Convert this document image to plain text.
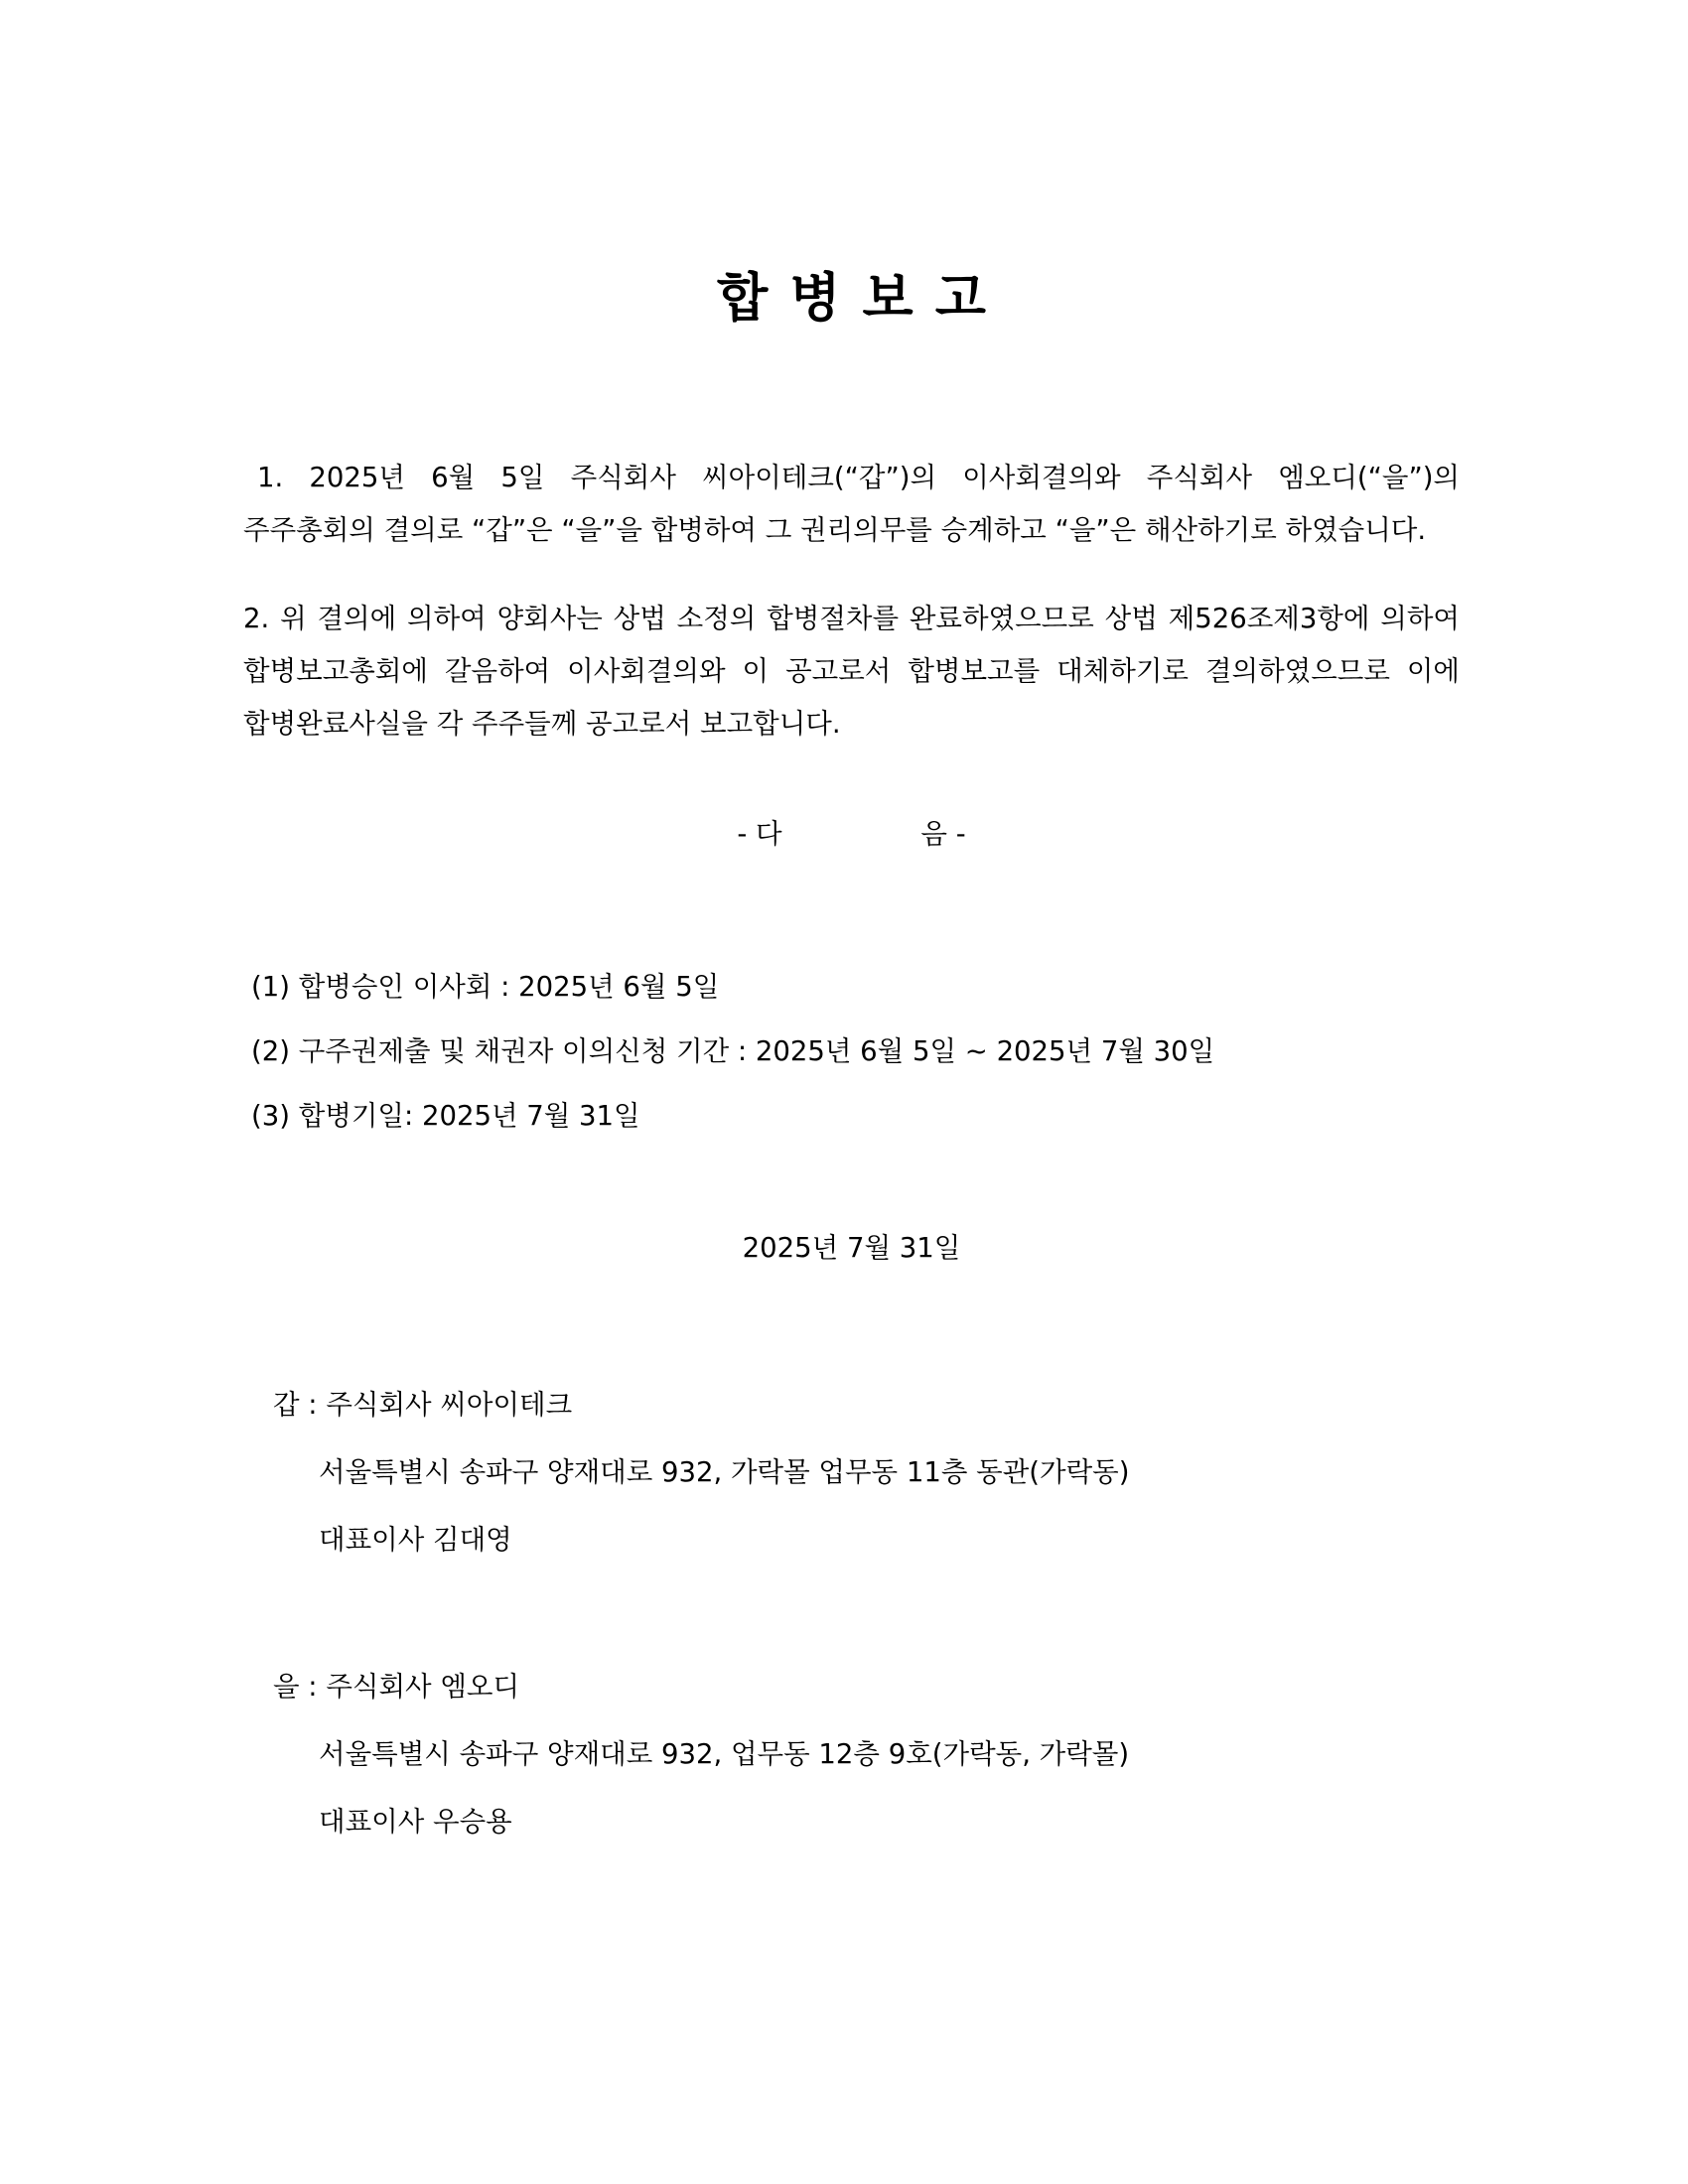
합병보고

1. 2025년 6월 5일 주식회사 씨아이테크(“갑”)의 이사회결의와 주식회사 엠오디(“을”)의 주주총회의 결의로 “갑”은 “을”을 합병하여 그 권리의무를 승계하고 “을”은 해산하기로 하였습니다.

2. 위 결의에 의하여 양회사는 상법 소정의 합병절차를 완료하였으므로 상법 제526조제3항에 의하여 합병보고총회에 갈음하여 이사회결의와 이 공고로서 합병보고를 대체하기로 결의하였으므로 이에 합병완료사실을 각 주주들께 공고로서 보고합니다.

- 다                음 -
(1) 합병승인 이사회 : 2025년 6월 5일
(2) 구주권제출 및 채권자 이의신청 기간 : 2025년 6월 5일 ~ 2025년 7월 30일
(3) 합병기일: 2025년 7월 31일
2025년 7월 31일
갑 : 주식회사 씨아이테크
서울특별시 송파구 양재대로 932, 가락몰 업무동 11층 동관(가락동)
대표이사 김대영
을 : 주식회사 엠오디
서울특별시 송파구 양재대로 932, 업무동 12층 9호(가락동, 가락몰)
대표이사 우승용
